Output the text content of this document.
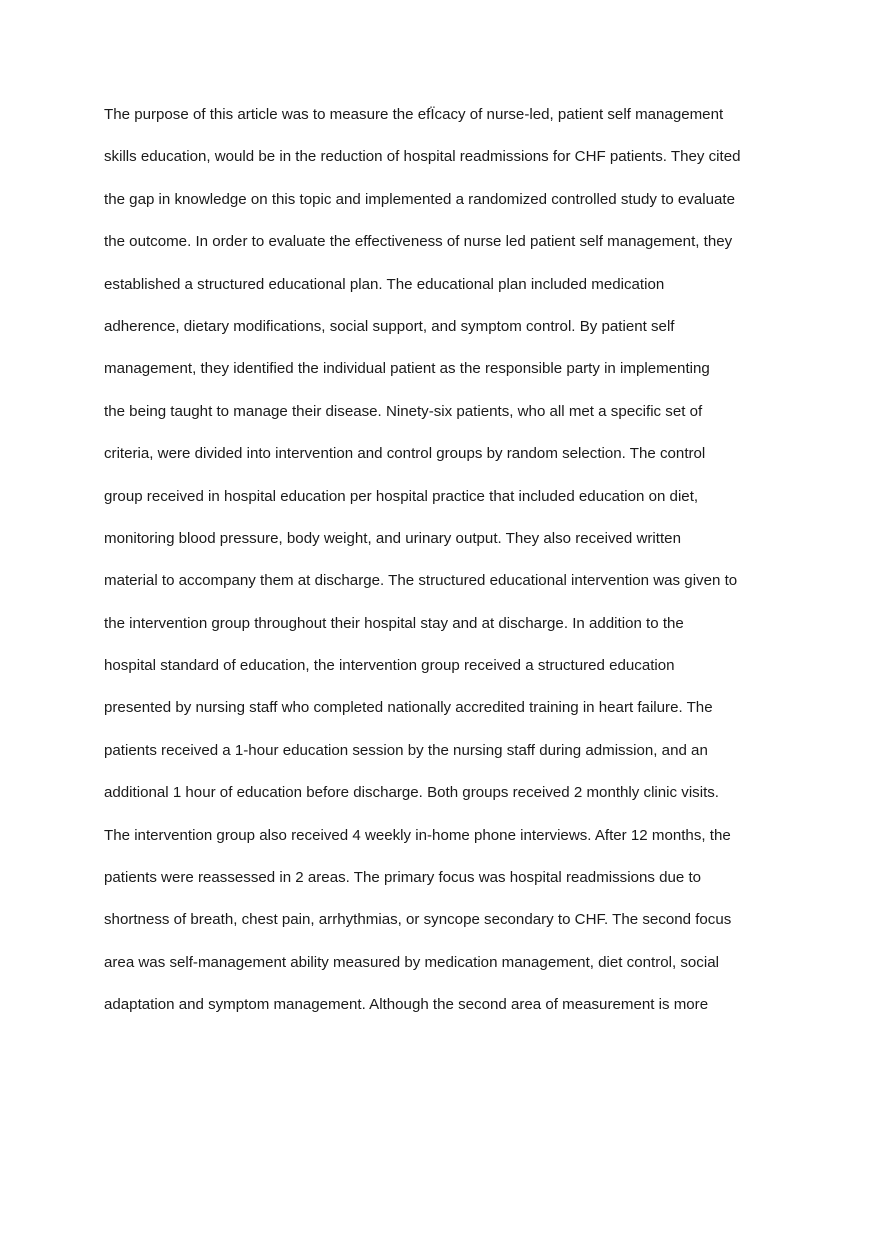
The purpose of this article was to measure the efÏcacy of nurse-led, patient self management
skills education, would be in the reduction of hospital readmissions for CHF patients. They cited
the gap in knowledge on this topic and implemented a randomized controlled study to evaluate
the outcome. In order to evaluate the effectiveness of nurse led patient self management, they
established a structured educational plan. The educational plan included medication
adherence, dietary modifications, social support, and symptom control. By patient self
management, they identified the individual patient as the responsible party in implementing
the being taught to manage their disease. Ninety-six patients, who all met a specific set of
criteria, were divided into intervention and control groups by random selection. The control
group received in hospital education per hospital practice that included education on diet,
monitoring blood pressure, body weight, and urinary output. They also received written
material to accompany them at discharge. The structured educational intervention was given to
the intervention group throughout their hospital stay and at discharge. In addition to the
hospital standard of education, the intervention group received a structured education
presented by nursing staff who completed nationally accredited training in heart failure. The
patients received a 1-hour education session by the nursing staff during admission, and an
additional 1 hour of education before discharge. Both groups received 2 monthly clinic visits.
The intervention group also received 4 weekly in-home phone interviews. After 12 months, the
patients were reassessed in 2 areas. The primary focus was hospital readmissions due to
shortness of breath, chest pain, arrhythmias, or syncope secondary to CHF. The second focus
area was self-management ability measured by medication management, diet control, social
adaptation and symptom management. Although the second area of measurement is more
